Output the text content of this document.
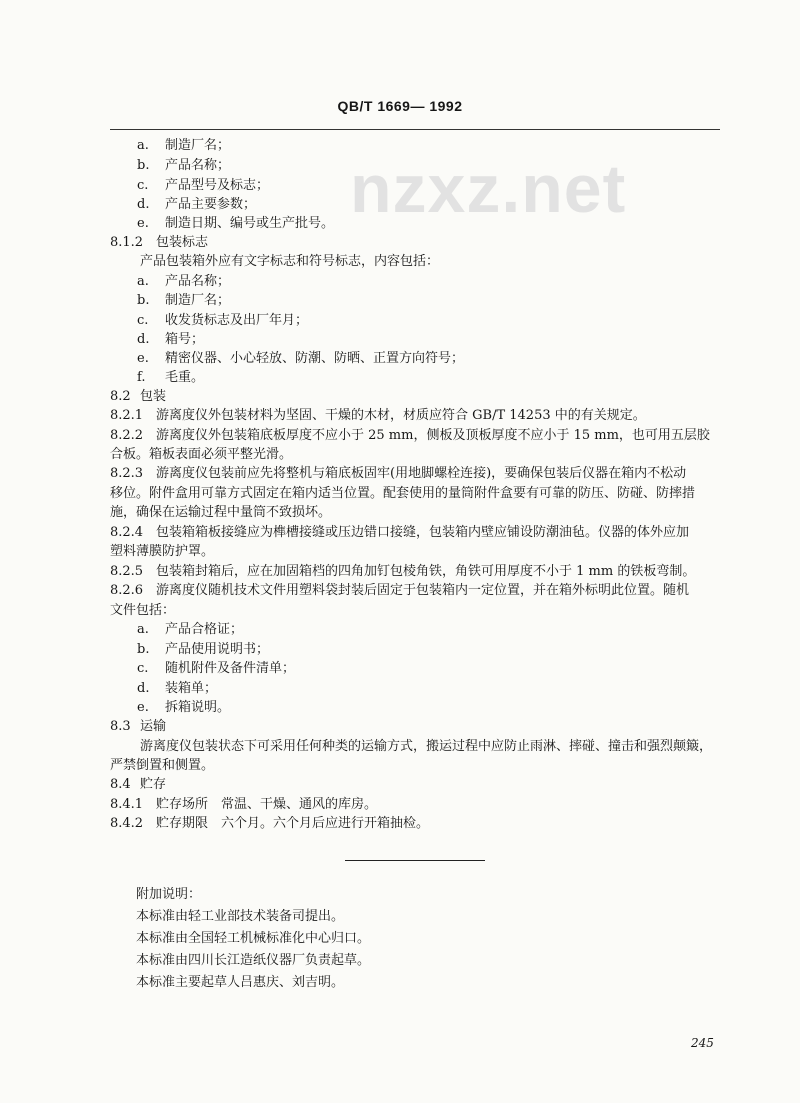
QB/T 1669— 1992
nzxz.net
a. 制造厂名；
b. 产品名称；
c. 产品型号及标志；
d. 产品主要参数；
e. 制造日期、编号或生产批号。
8.1.2 包装标志
产品包装箱外应有文字标志和符号标志，内容包括：
a. 产品名称；
b. 制造厂名；
c. 收发货标志及出厂年月；
d. 箱号；
e. 精密仪器、小心轻放、防潮、防晒、正置方向符号；
f. 毛重。
8.2 包装
8.2.1 游离度仪外包装材料为坚固、干燥的木材，材质应符合 GB/T 14253 中的有关规定。
8.2.2 游离度仪外包装箱底板厚度不应小于 25 mm，侧板及顶板厚度不应小于 15 mm，也可用五层胶
合板。箱板表面必须平整光滑。
8.2.3 游离度仪包装前应先将整机与箱底板固牢(用地脚螺栓连接)，要确保包装后仪器在箱内不松动
移位。附件盒用可靠方式固定在箱内适当位置。配套使用的量筒附件盒要有可靠的防压、防碰、防摔措
施，确保在运输过程中量筒不致损坏。
8.2.4 包装箱箱板接缝应为榫槽接缝或压边错口接缝，包装箱内壁应铺设防潮油毡。仪器的体外应加
塑料薄膜防护罩。
8.2.5 包装箱封箱后，应在加固箱档的四角加钉包棱角铁，角铁可用厚度不小于 1 mm 的铁板弯制。
8.2.6 游离度仪随机技术文件用塑料袋封装后固定于包装箱内一定位置，并在箱外标明此位置。随机
文件包括：
a. 产品合格证；
b. 产品使用说明书；
c. 随机附件及备件清单；
d. 装箱单；
e. 拆箱说明。
8.3 运输
游离度仪包装状态下可采用任何种类的运输方式，搬运过程中应防止雨淋、摔碰、撞击和强烈颠簸，
严禁倒置和侧置。
8.4 贮存
8.4.1 贮存场所　常温、干燥、通风的库房。
8.4.2 贮存期限　六个月。六个月后应进行开箱抽检。
附加说明：
本标准由轻工业部技术装备司提出。
本标准由全国轻工机械标准化中心归口。
本标准由四川长江造纸仪器厂负责起草。
本标准主要起草人吕惠庆、刘吉明。
245
